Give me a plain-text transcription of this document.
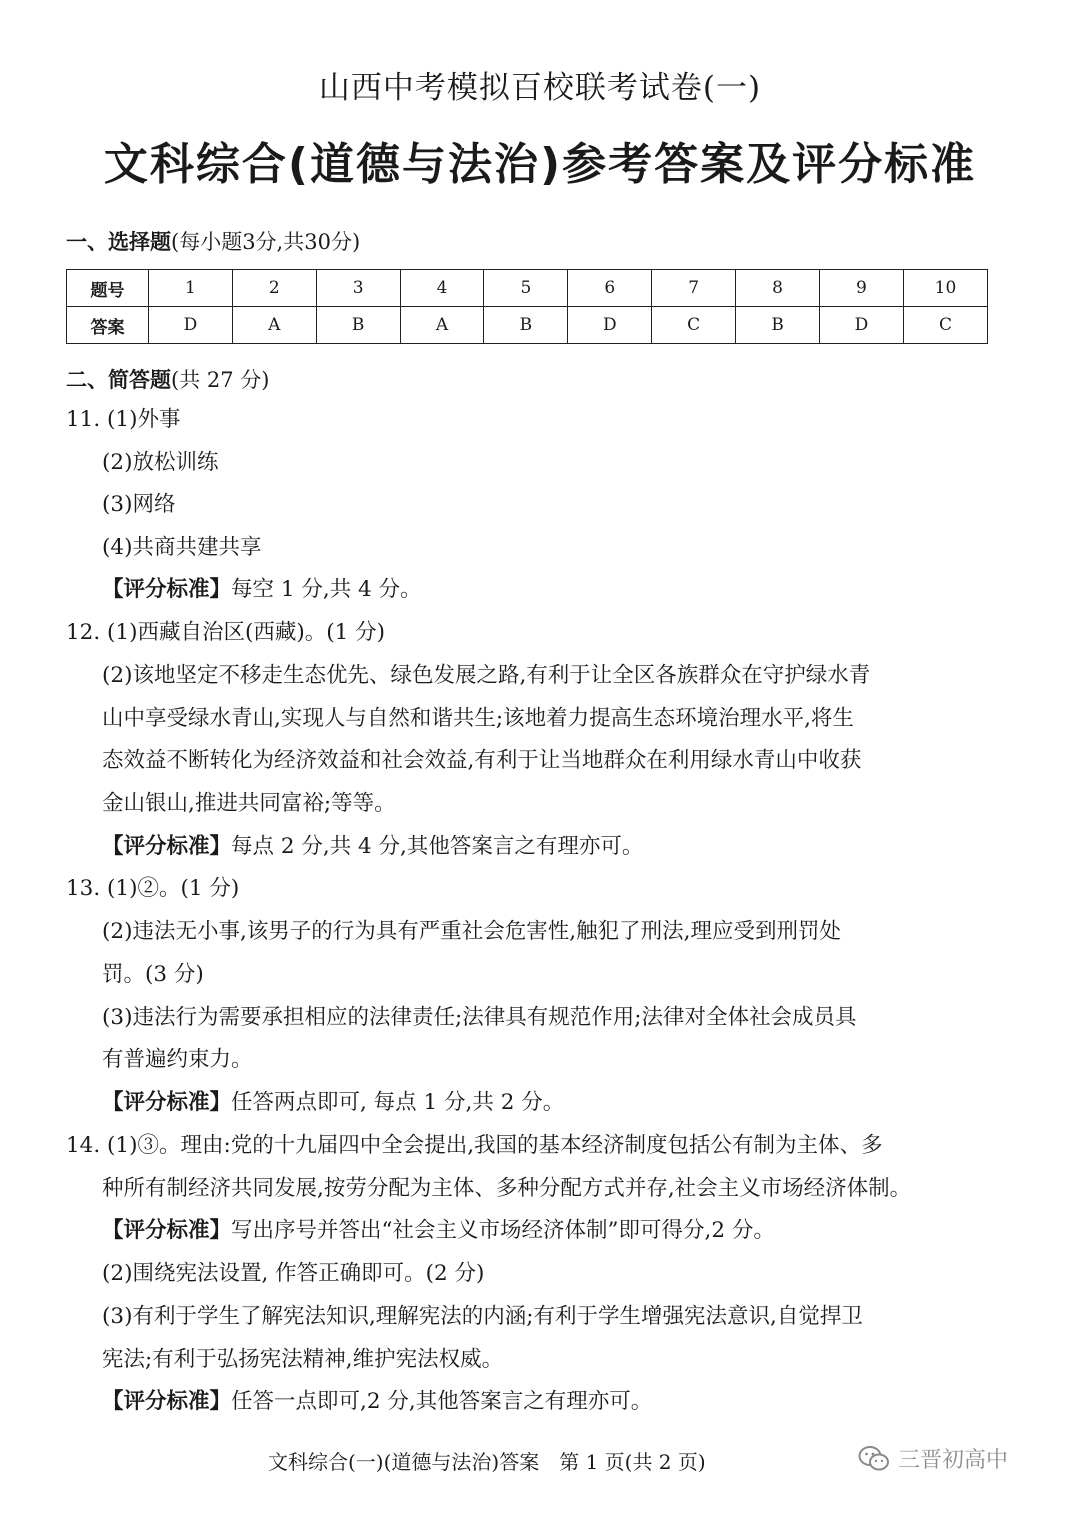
山西中考模拟百校联考试卷(一)
文科综合(道德与法治)参考答案及评分标准
一、选择题(每小题3分,共30分)
题号	1	2	3	4	5	6	7	8	9	10
答案	D	A	B	A	B	D	C	B	D	C
二、简答题(共 27 分)
11. (1)外事
(2)放松训练
(3)网络
(4)共商共建共享
【评分标准】每空 1 分,共 4 分。
12. (1)西藏自治区(西藏)。(1 分)
(2)该地坚定不移走生态优先、绿色发展之路,有利于让全区各族群众在守护绿水青
山中享受绿水青山,实现人与自然和谐共生;该地着力提高生态环境治理水平,将生
态效益不断转化为经济效益和社会效益,有利于让当地群众在利用绿水青山中收获
金山银山,推进共同富裕;等等。
【评分标准】每点 2 分,共 4 分,其他答案言之有理亦可。
13. (1)②。(1 分)
(2)违法无小事,该男子的行为具有严重社会危害性,触犯了刑法,理应受到刑罚处
罚。(3 分)
(3)违法行为需要承担相应的法律责任;法律具有规范作用;法律对全体社会成员具
有普遍约束力。
【评分标准】任答两点即可, 每点 1 分,共 2 分。
14. (1)③。理由:党的十九届四中全会提出,我国的基本经济制度包括公有制为主体、多
种所有制经济共同发展,按劳分配为主体、多种分配方式并存,社会主义市场经济体制。
【评分标准】写出序号并答出“社会主义市场经济体制”即可得分,2 分。
(2)围绕宪法设置, 作答正确即可。(2 分)
(3)有利于学生了解宪法知识,理解宪法的内涵;有利于学生增强宪法意识,自觉捍卫
宪法;有利于弘扬宪法精神,维护宪法权威。
【评分标准】任答一点即可,2 分,其他答案言之有理亦可。
文科综合(一)(道德与法治)答案　第 1 页(共 2 页)	三晋初高中
